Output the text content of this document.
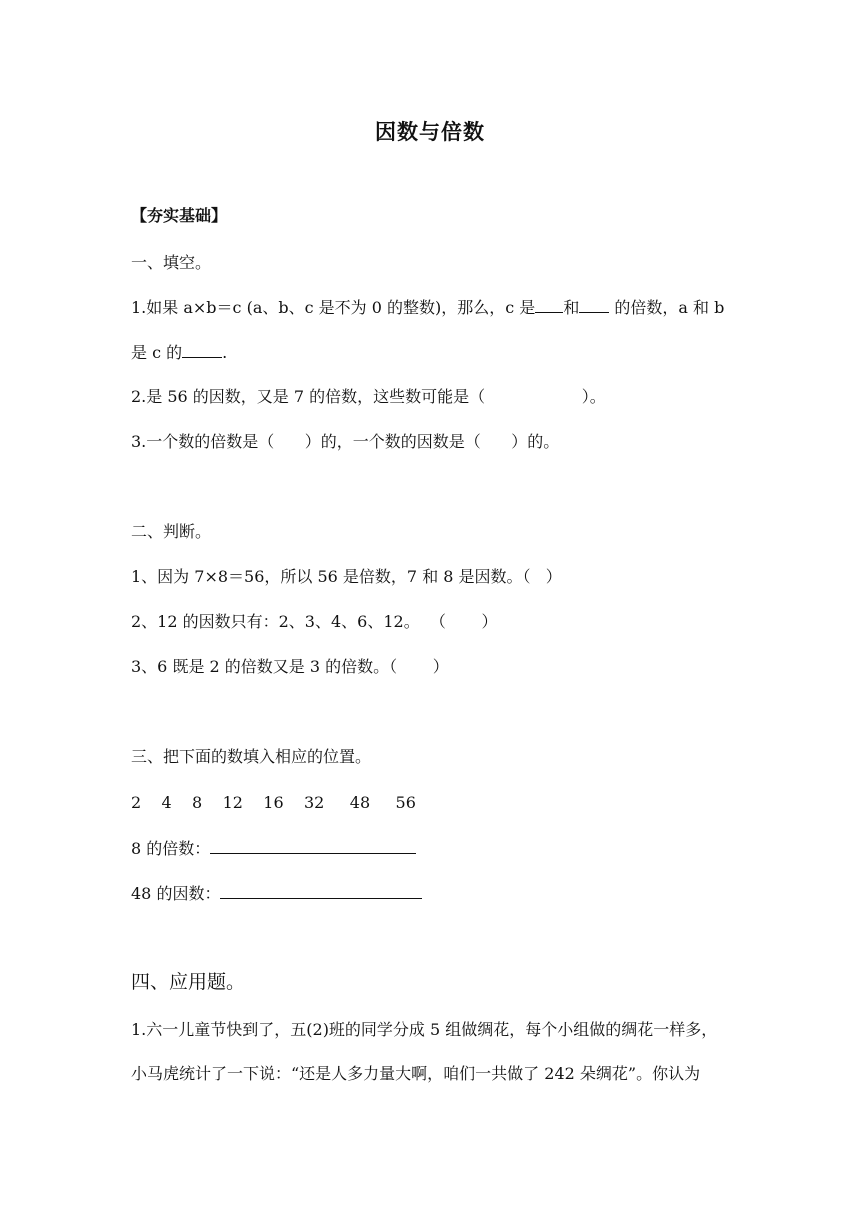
因数与倍数
【夯实基础】
一、填空。
1.如果 a×b＝c (a、b、c 是不为 0 的整数)，那么，c 是 和 的倍数，a 和 b
是 c 的	.
2.是 56 的因数，又是 7 的倍数，这些数可能是（                   ）。
3.一个数的倍数是（      ）的，一个数的因数是（      ）的。
二、判断。
1、因为 7×8＝56，所以 56 是倍数，7 和 8 是因数。（   ）
2、12 的因数只有：2、3、4、6、12。  （       ）
3、6 既是 2 的倍数又是 3 的倍数。（       ）
三、把下面的数填入相应的位置。
2    4    8    12    16    32     48     56
8 的倍数：
48 的因数：
四、应用题。
1.六一儿童节快到了，五(2)班的同学分成 5 组做绸花，每个小组做的绸花一样多，
小马虎统计了一下说：“还是人多力量大啊，咱们一共做了 242 朵绸花”。你认为
